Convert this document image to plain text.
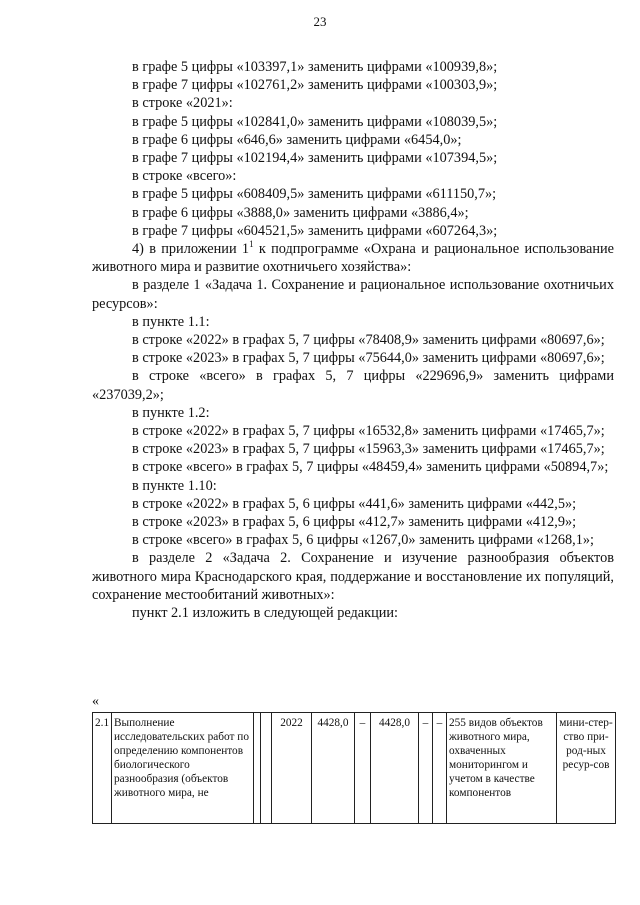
23

в графе 5 цифры «103397,1» заменить цифрами «100939,8»;

в графе 7 цифры «102761,2» заменить цифрами «100303,9»;

в строке «2021»:

в графе 5 цифры «102841,0» заменить цифрами «108039,5»;

в графе 6 цифры «646,6» заменить цифрами «6454,0»;

в графе 7 цифры «102194,4» заменить цифрами «107394,5»;

в строке «всего»:

в графе 5 цифры «608409,5» заменить цифрами «611150,7»;

в графе 6 цифры «3888,0» заменить цифрами «3886,4»;

в графе 7 цифры «604521,5» заменить цифрами «607264,3»;

4) в приложении $1^1$ к подпрограмме «Охрана и рациональное использование животного мира и развитие охотничьего хозяйства»:

в разделе 1 «Задача 1. Сохранение и рациональное использование охотничьих ресурсов»:

в пункте 1.1:

в строке «2022» в графах 5, 7 цифры «78408,9» заменить цифрами «80697,6»;

в строке «2023» в графах 5, 7 цифры «75644,0» заменить цифрами «80697,6»;

в строке «всего» в графах 5, 7 цифры «229696,9» заменить цифрами «237039,2»;

в пункте 1.2:

в строке «2022» в графах 5, 7 цифры «16532,8» заменить цифрами «17465,7»;

в строке «2023» в графах 5, 7 цифры «15963,3» заменить цифрами «17465,7»;

в строке «всего» в графах 5, 7 цифры «48459,4» заменить цифрами «50894,7»;

в пункте 1.10:

в строке «2022» в графах 5, 6 цифры «441,6» заменить цифрами «442,5»;

в строке «2023» в графах 5, 6 цифры «412,7» заменить цифрами «412,9»;

в строке «всего» в графах 5, 6 цифры «1267,0» заменить цифрами «1268,1»;

в разделе 2 «Задача 2. Сохранение и изучение разнообразия объектов животного мира Краснодарского края, поддержание и восстановление их популяций, сохранение местообитаний животных»:

пункт 2.1 изложить в следующей редакции:

«
2.1	Выполнение исследовательских работ по определению компонентов биологического разнообразия (объектов животного мира, не			2022	4428,0	–	4428,0	–	–	255 видов объектов животного мира, охваченных мониторингом и учетом в качестве компонентов	мини-стер-ство при-род-ных ресур-сов
